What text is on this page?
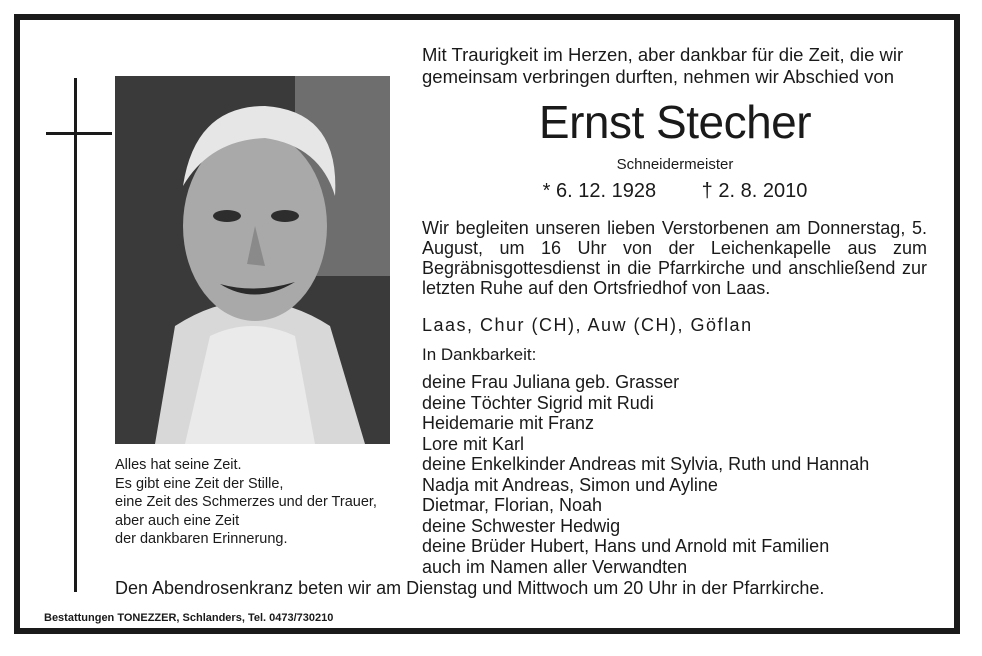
Mit Traurigkeit im Herzen, aber dankbar für die Zeit, die wir
gemeinsam verbringen durften, nehmen wir Abschied von
Ernst Stecher
Schneidermeister
* 6. 12. 1928 † 2. 8. 2010
Wir begleiten unseren lieben Verstorbenen am Donnerstag, 5. August, um 16 Uhr von der Leichenkapelle aus zum Begräbnisgottesdienst in die Pfarrkirche und anschließend zur letzten Ruhe auf den Ortsfriedhof von Laas.
Laas, Chur (CH), Auw (CH), Göflan
In Dankbarkeit:
deine Frau Juliana geb. Grasser
deine Töchter Sigrid mit Rudi
Heidemarie mit Franz
Lore mit Karl
deine Enkelkinder Andreas mit Sylvia, Ruth und Hannah
Nadja mit Andreas, Simon und Ayline
Dietmar, Florian, Noah
deine Schwester Hedwig
deine Brüder Hubert, Hans und Arnold mit Familien
auch im Namen aller Verwandten
Alles hat seine Zeit.
Es gibt eine Zeit der Stille,
eine Zeit des Schmerzes und der Trauer,
aber auch eine Zeit
der dankbaren Erinnerung.
Den Abendrosenkranz beten wir am Dienstag und Mittwoch um 20 Uhr in der Pfarrkirche.
Bestattungen TONEZZER, Schlanders, Tel. 0473/730210
